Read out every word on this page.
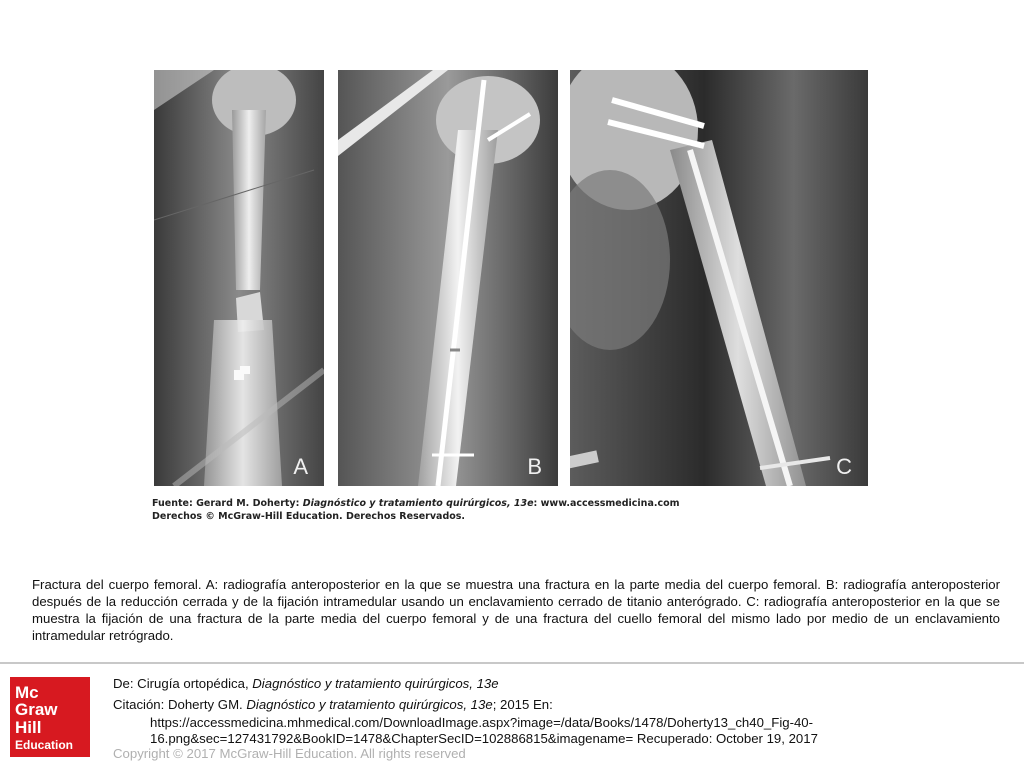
A	B	C
Fuente: Gerard M. Doherty: Diagnóstico y tratamiento quirúrgicos, 13e: www.accessmedicina.com
Derechos © McGraw-Hill Education. Derechos Reservados.
Fractura del cuerpo femoral. A: radiografía anteroposterior en la que se muestra una fractura en la parte media del cuerpo femoral. B: radiografía anteroposterior después de la reducción cerrada y de la fijación intramedular usando un enclavamiento cerrado de titanio anterógrado. C: radiografía anteroposterior en la que se muestra la fijación de una fractura de la parte media del cuerpo femoral y de una fractura del cuello femoral del mismo lado por medio de un enclavamiento intramedular retrógrado.
Mc
Graw
Hill
Education
De: Cirugía ortopédica, Diagnóstico y tratamiento quirúrgicos, 13e
Citación: Doherty GM. Diagnóstico y tratamiento quirúrgicos, 13e; 2015 En:
https://accessmedicina.mhmedical.com/DownloadImage.aspx?image=/data/Books/1478/Doherty13_ch40_Fig-40-
16.png&sec=127431792&BookID=1478&ChapterSecID=102886815&imagename= Recuperado: October 19, 2017
Copyright © 2017 McGraw-Hill Education. All rights reserved
